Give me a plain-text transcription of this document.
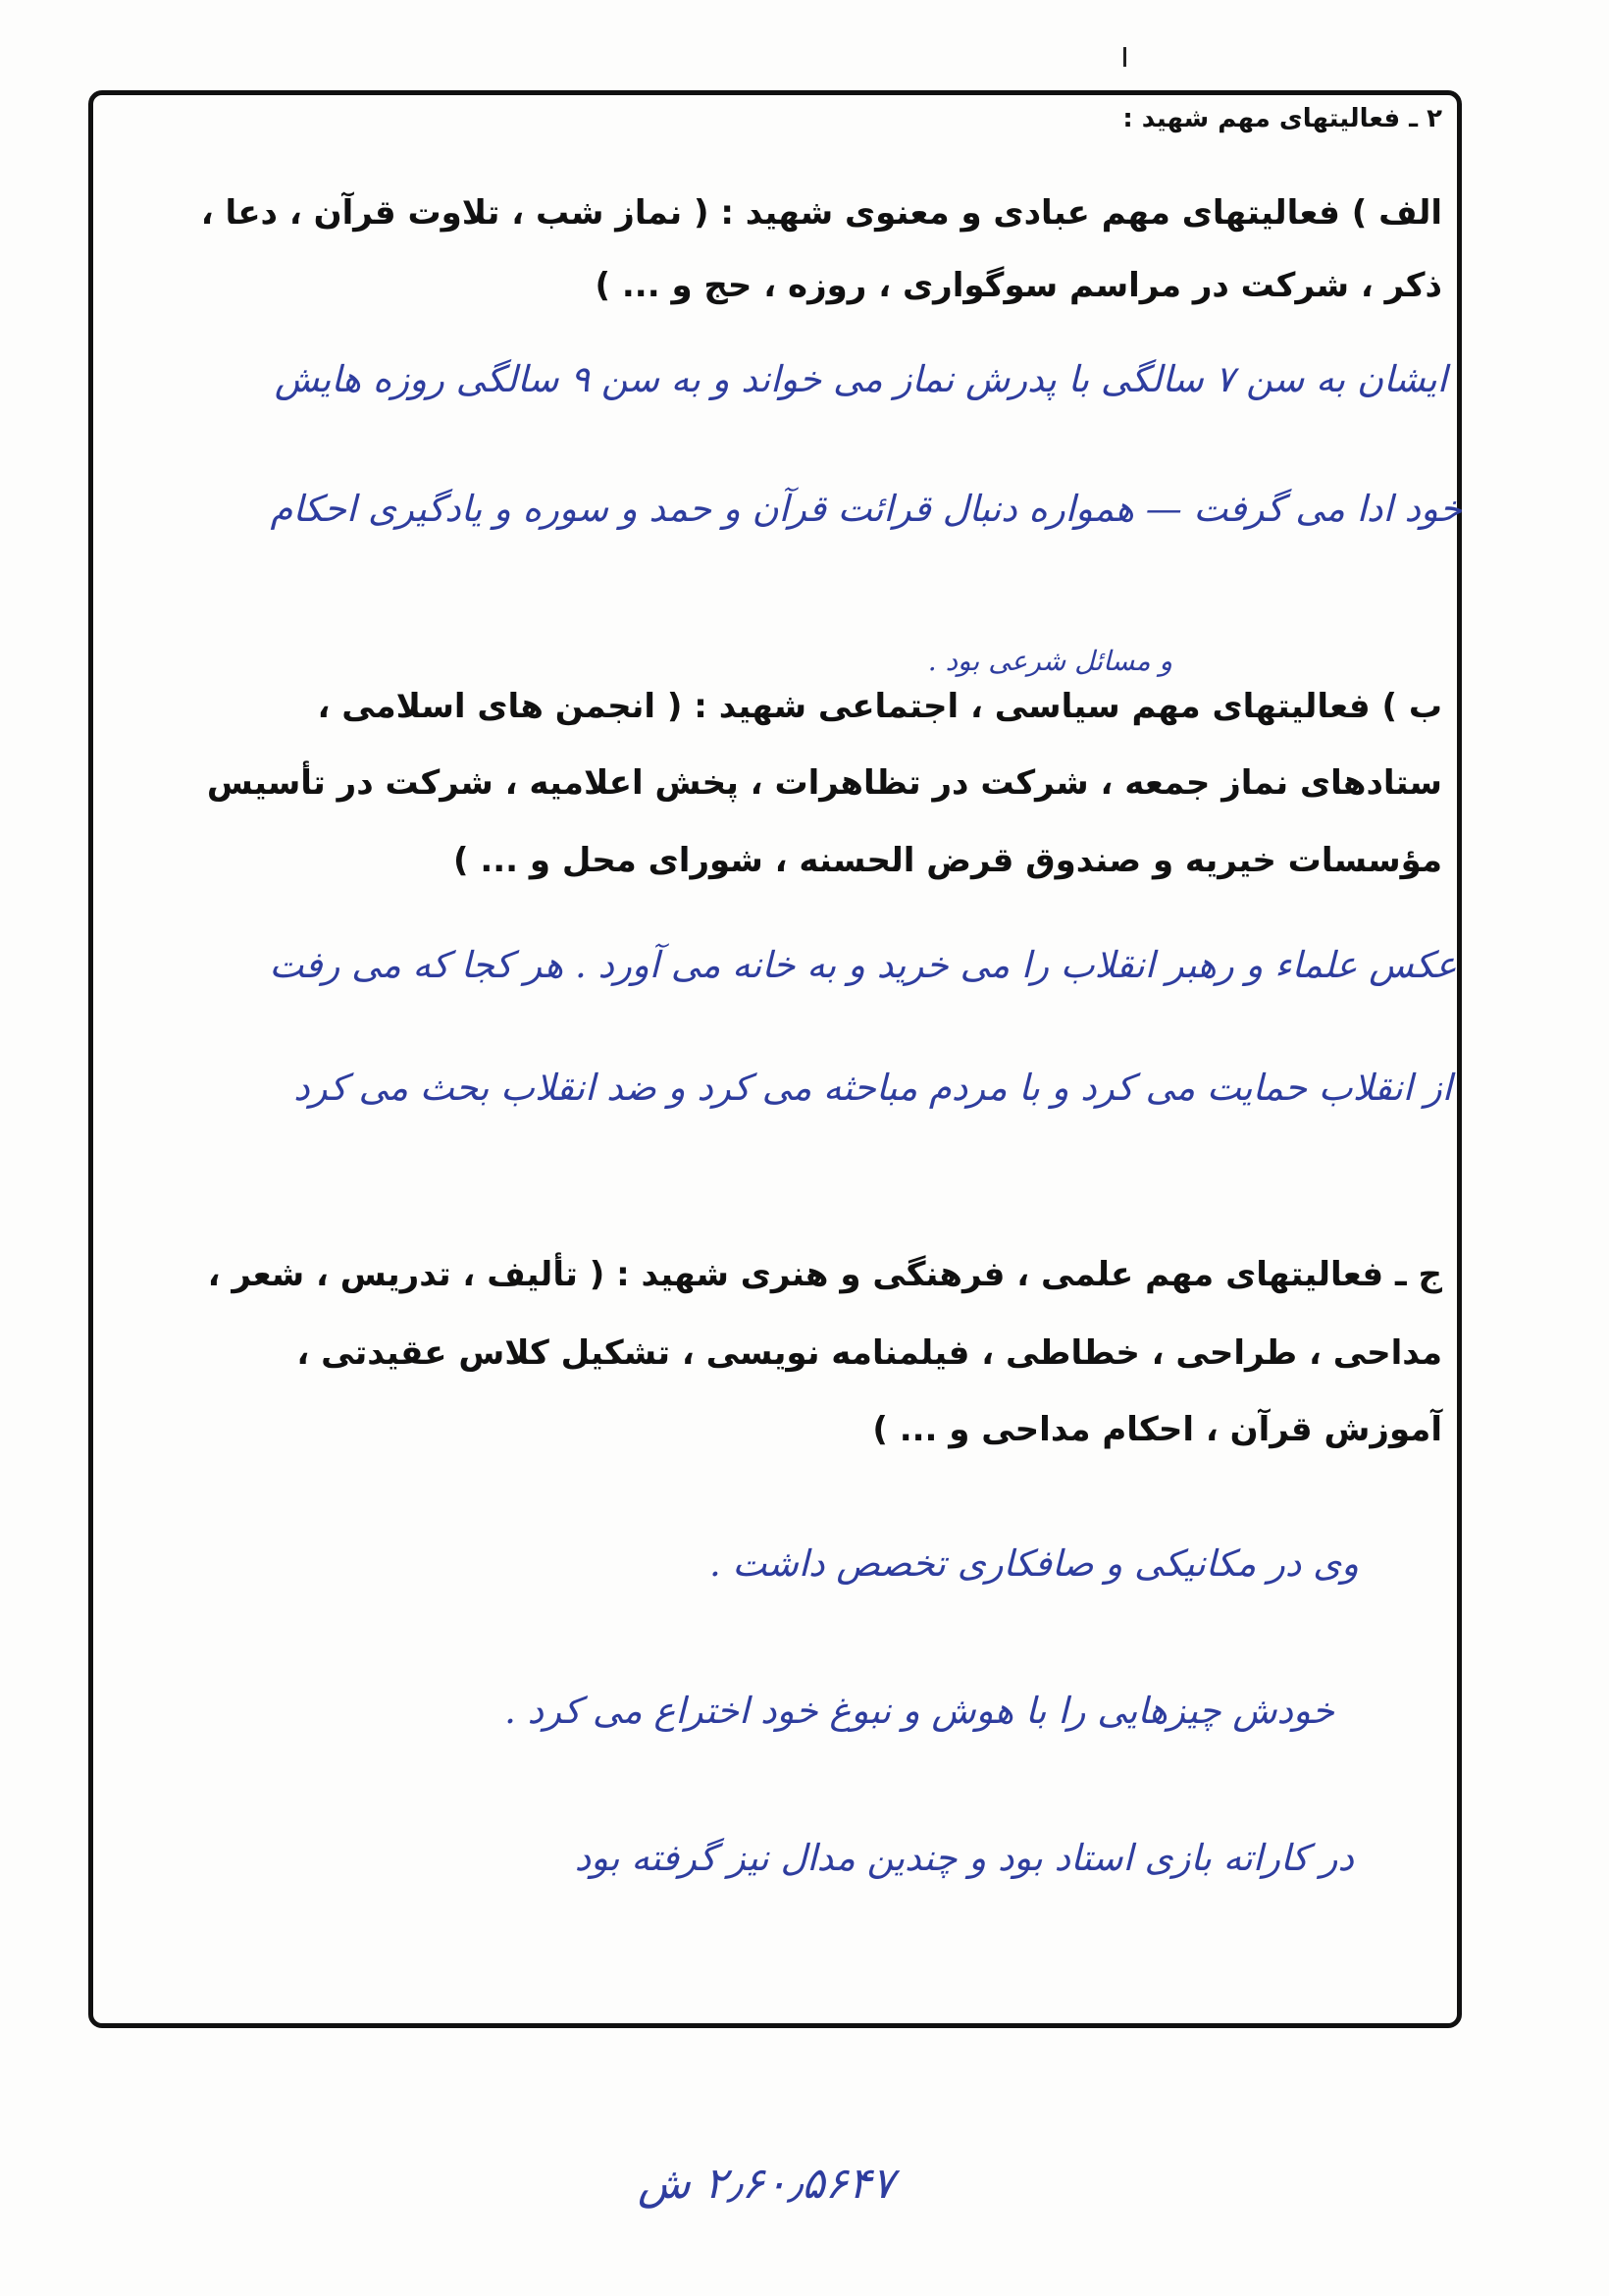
۲ ـ فعالیتهای مهم شهید :
الف ) فعالیتهای مهم عبادی و معنوی شهید : ( نماز شب ، تلاوت قرآن ، دعا ،
ذکر ، شرکت در مراسم سوگواری ، روزه ، حج و ... )
ایشان به سن ۷ سالگی با پدرش نماز می خواند و به سن ۹ سالگی روزه هایش
خود ادا می گرفت — همواره دنبال قرائت قرآن و حمد و سوره و یادگیری احکام
و مسائل شرعی بود .
ب ) فعالیتهای مهم سیاسی ، اجتماعی شهید : ( انجمن های اسلامی ،
ستادهای نماز جمعه ، شرکت در تظاهرات ، پخش اعلامیه ، شرکت در تأسیس
مؤسسات خیریه و صندوق قرض الحسنه ، شورای محل و ... )
عکس علماء و رهبر انقلاب را می خرید و به خانه می آورد . هر کجا که می رفت
از انقلاب حمایت می کرد و با مردم مباحثه می کرد و ضد انقلاب بحث می کرد
ج ـ فعالیتهای مهم علمی ، فرهنگی و هنری شهید : ( تألیف ، تدریس ، شعر ،
مداحی ، طراحی ، خطاطی ، فیلمنامه نویسی ، تشکیل کلاس عقیدتی ،
آموزش قرآن ، احکام مداحی و ... )
وی در مکانیکی و صافکاری تخصص داشت .
خودش چیزهایی را با هوش و نبوغ خود اختراع می کرد .
در کاراته بازی استاد بود و چندین مدال نیز گرفته بود
۲٫۶۰٫۵۶۴۷ ش
